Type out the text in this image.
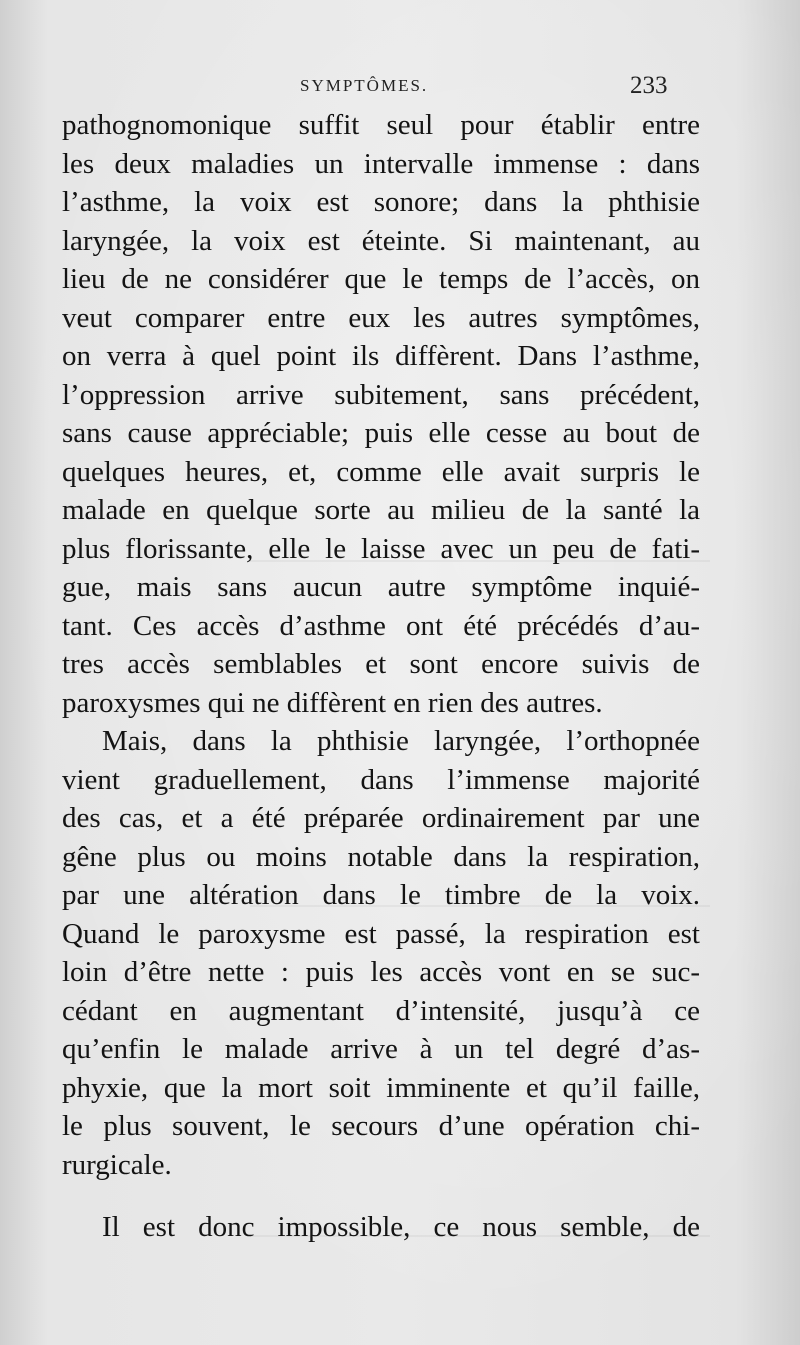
SYMPTÔMES.	233
pathognomonique suffit seul pour établir entre
les deux maladies un intervalle immense : dans
l’asthme, la voix est sonore; dans la phthisie
laryngée, la voix est éteinte. Si maintenant, au
lieu de ne considérer que le temps de l’accès, on
veut comparer entre eux les autres symptômes,
on verra à quel point ils diffèrent. Dans l’asthme,
l’oppression arrive subitement, sans précédent,
sans cause appréciable; puis elle cesse au bout de
quelques heures, et, comme elle avait surpris le
malade en quelque sorte au milieu de la santé la
plus florissante, elle le laisse avec un peu de fati-
gue, mais sans aucun autre symptôme inquié-
tant. Ces accès d’asthme ont été précédés d’au-
tres accès semblables et sont encore suivis de
paroxysmes qui ne diffèrent en rien des autres.
Mais, dans la phthisie laryngée, l’orthopnée
vient graduellement, dans l’immense majorité
des cas, et a été préparée ordinairement par une
gêne plus ou moins notable dans la respiration,
par une altération dans le timbre de la voix.
Quand le paroxysme est passé, la respiration est
loin d’être nette : puis les accès vont en se suc-
cédant en augmentant d’intensité, jusqu’à ce
qu’enfin le malade arrive à un tel degré d’as-
phyxie, que la mort soit imminente et qu’il faille,
le plus souvent, le secours d’une opération chi-
rurgicale.
Il est donc impossible, ce nous semble, de
